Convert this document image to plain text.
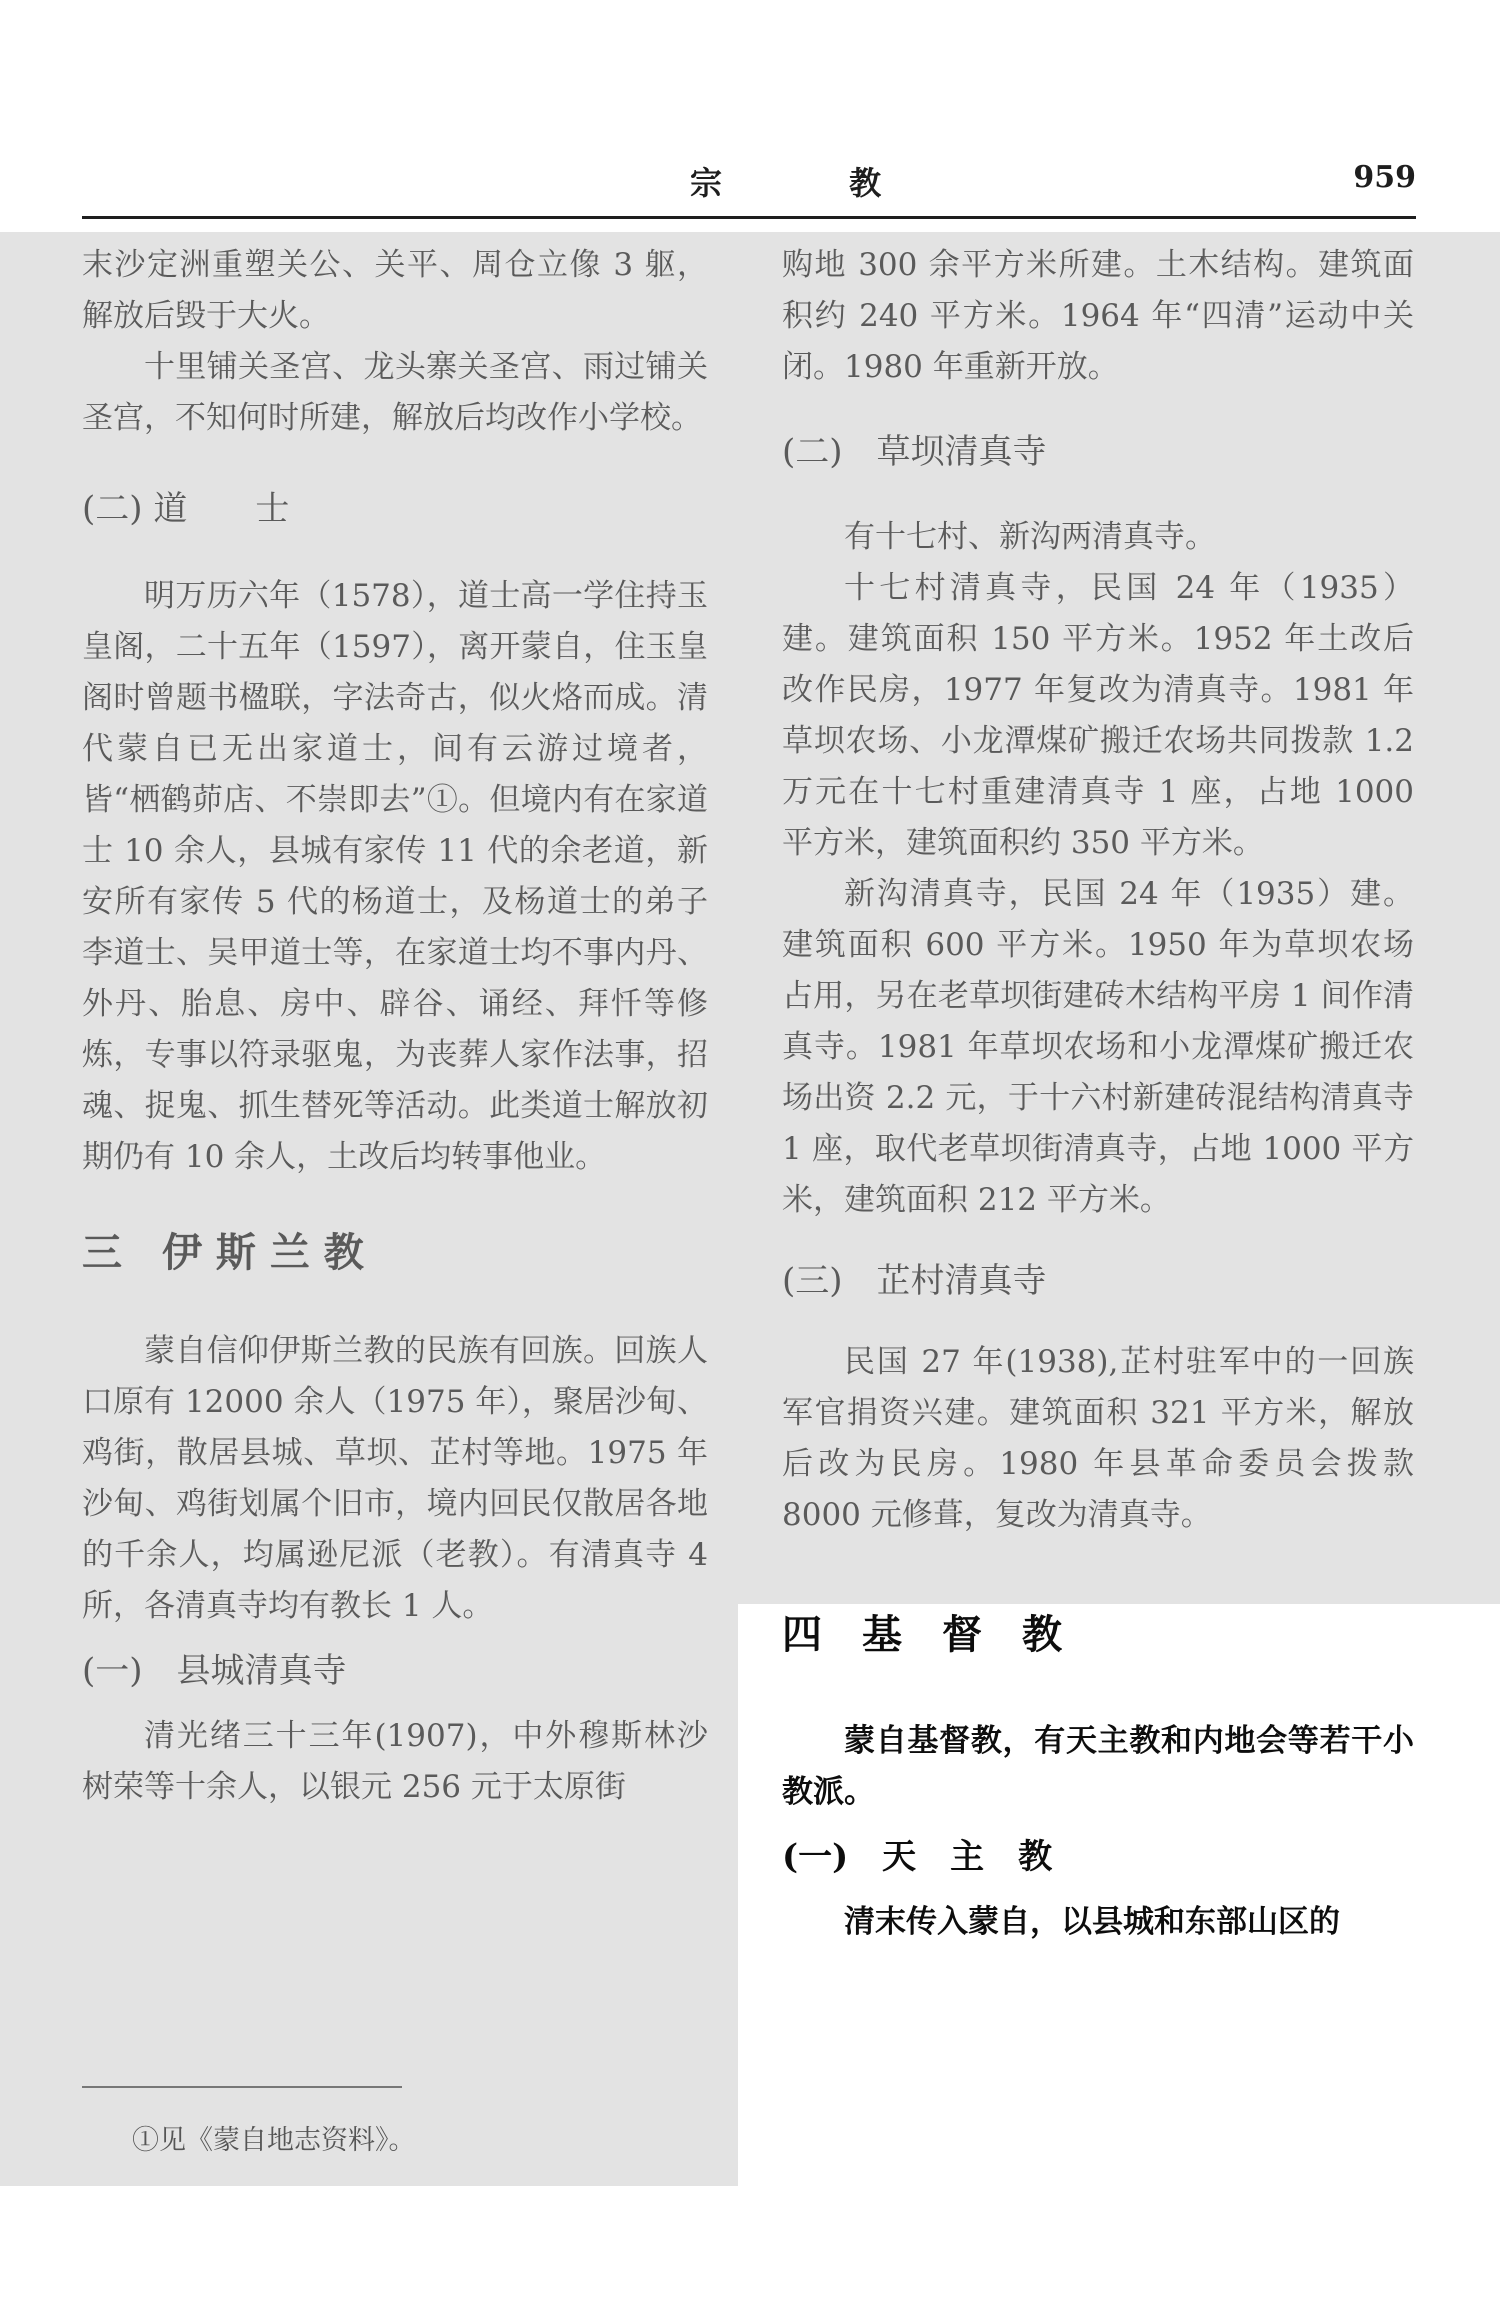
宗 教	959

末沙定洲重塑关公、关平、周仓立像 3 躯，解放后毁于大火。

十里铺关圣宫、龙头寨关圣宫、雨过铺关圣宫，不知何时所建，解放后均改作小学校。

(二) 道　　士

明万历六年（1578），道士高一学住持玉皇阁，二十五年（1597），离开蒙自，住玉皇阁时曾题书楹联，字法奇古，似火烙而成。清代蒙自已无出家道士，间有云游过境者，皆“栖鹤茆店、不崇即去”①。但境内有在家道士 10 余人，县城有家传 11 代的余老道，新安所有家传 5 代的杨道士，及杨道士的弟子李道士、吴甲道士等，在家道士均不事内丹、外丹、胎息、房中、辟谷、诵经、拜忏等修炼，专事以符录驱鬼，为丧葬人家作法事，招魂、捉鬼、抓生替死等活动。此类道士解放初期仍有 10 余人，土改后均转事他业。

三　伊 斯 兰 教

蒙自信仰伊斯兰教的民族有回族。回族人口原有 12000 余人（1975 年），聚居沙甸、鸡街，散居县城、草坝、芷村等地。1975 年沙甸、鸡街划属个旧市，境内回民仅散居各地的千余人，均属逊尼派（老教）。有清真寺 4 所，各清真寺均有教长 1 人。

(一)　县城清真寺

清光绪三十三年(1907)，中外穆斯林沙树荣等十余人，以银元 256 元于太原街

购地 300 余平方米所建。土木结构。建筑面积约 240 平方米。1964 年“四清”运动中关闭。1980 年重新开放。

(二)　草坝清真寺

有十七村、新沟两清真寺。

十七村清真寺，民国 24 年（1935）建。建筑面积 150 平方米。1952 年土改后改作民房，1977 年复改为清真寺。1981 年草坝农场、小龙潭煤矿搬迁农场共同拨款 1.2 万元在十七村重建清真寺 1 座，占地 1000 平方米，建筑面积约 350 平方米。

新沟清真寺，民国 24 年（1935）建。建筑面积 600 平方米。1950 年为草坝农场占用，另在老草坝街建砖木结构平房 1 间作清真寺。1981 年草坝农场和小龙潭煤矿搬迁农场出资 2.2 元，于十六村新建砖混结构清真寺 1 座，取代老草坝街清真寺，占地 1000 平方米，建筑面积 212 平方米。

(三)　芷村清真寺

民国 27 年(1938),芷村驻军中的一回族军官捐资兴建。建筑面积 321 平方米，解放后改为民房。1980 年县革命委员会拨款 8000 元修葺，复改为清真寺。

四　基　督　教

蒙自基督教，有天主教和内地会等若干小教派。

(一)　天　主　教

清末传入蒙自，以县城和东部山区的

①见《蒙自地志资料》。
